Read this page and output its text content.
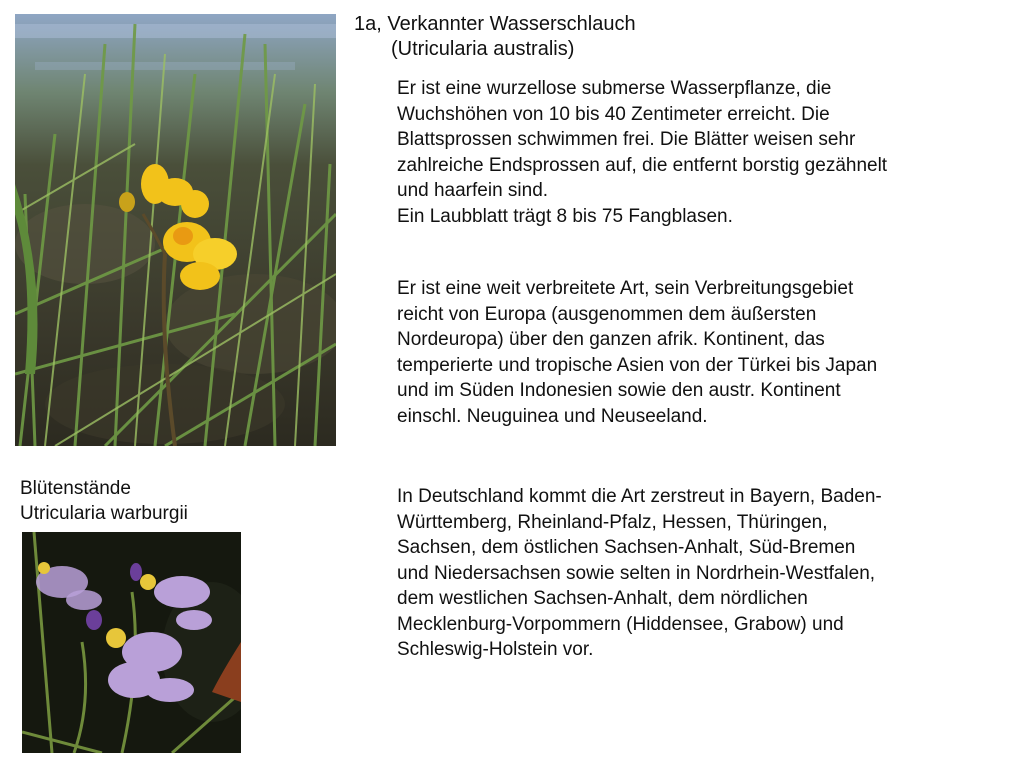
1a, Verkannter Wasserschlauch
(Utricularia australis)
Er ist eine wurzellose submerse Wasserpflanze, die
Wuchshöhen von 10 bis 40 Zentimeter erreicht. Die
Blattsprossen schwimmen frei. Die Blätter weisen sehr
zahlreiche Endsprossen auf, die entfernt borstig gezähnelt
und haarfein sind.
Ein Laubblatt trägt 8 bis 75 Fangblasen.
Er ist eine weit verbreitete Art, sein Verbreitungsgebiet
reicht von Europa (ausgenommen dem äußersten
Nordeuropa) über den ganzen afrik. Kontinent, das
temperierte und tropische Asien von der Türkei bis Japan
und im Süden Indonesien sowie den austr. Kontinent
einschl. Neuguinea und Neuseeland.
In Deutschland kommt die Art zerstreut in Bayern, Baden-
Württemberg, Rheinland-Pfalz, Hessen, Thüringen,
Sachsen, dem östlichen Sachsen-Anhalt, Süd-Bremen
und Niedersachsen sowie selten in Nordrhein-Westfalen,
dem westlichen Sachsen-Anhalt, dem nördlichen
Mecklenburg-Vorpommern (Hiddensee, Grabow) und
Schleswig-Holstein vor.
Blütenstände
Utricularia warburgii
